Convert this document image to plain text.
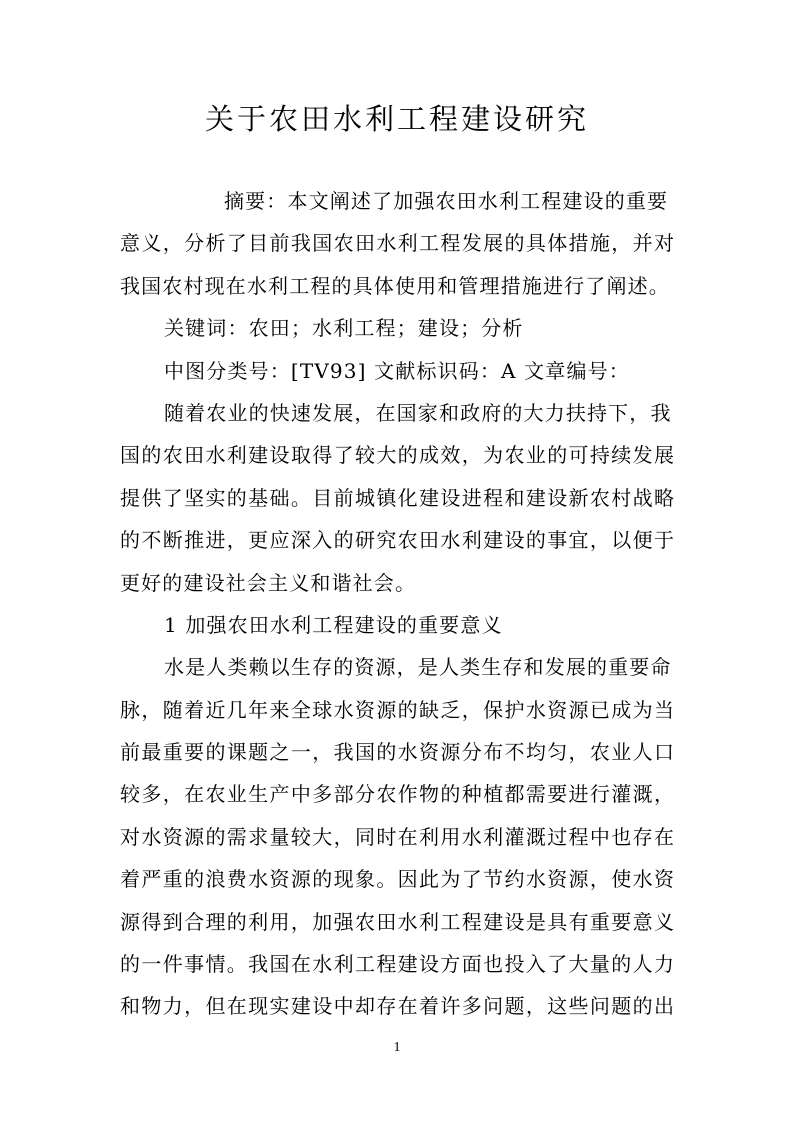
关于农田水利工程建设研究
摘要：本文阐述了加强农田水利工程建设的重要
意义，分析了目前我国农田水利工程发展的具体措施，并对
我国农村现在水利工程的具体使用和管理措施进行了阐述。
关键词：农田；水利工程；建设；分析
中图分类号：[TV93] 文献标识码：A 文章编号：
随着农业的快速发展，在国家和政府的大力扶持下，我
国的农田水利建设取得了较大的成效，为农业的可持续发展
提供了坚实的基础。目前城镇化建设进程和建设新农村战略
的不断推进，更应深入的研究农田水利建设的事宜，以便于
更好的建设社会主义和谐社会。
1 加强农田水利工程建设的重要意义
水是人类赖以生存的资源，是人类生存和发展的重要命
脉，随着近几年来全球水资源的缺乏，保护水资源已成为当
前最重要的课题之一，我国的水资源分布不均匀，农业人口
较多，在农业生产中多部分农作物的种植都需要进行灌溉，
对水资源的需求量较大，同时在利用水利灌溉过程中也存在
着严重的浪费水资源的现象。因此为了节约水资源，使水资
源得到合理的利用，加强农田水利工程建设是具有重要意义
的一件事情。我国在水利工程建设方面也投入了大量的人力
和物力，但在现实建设中却存在着许多问题，这些问题的出
1
